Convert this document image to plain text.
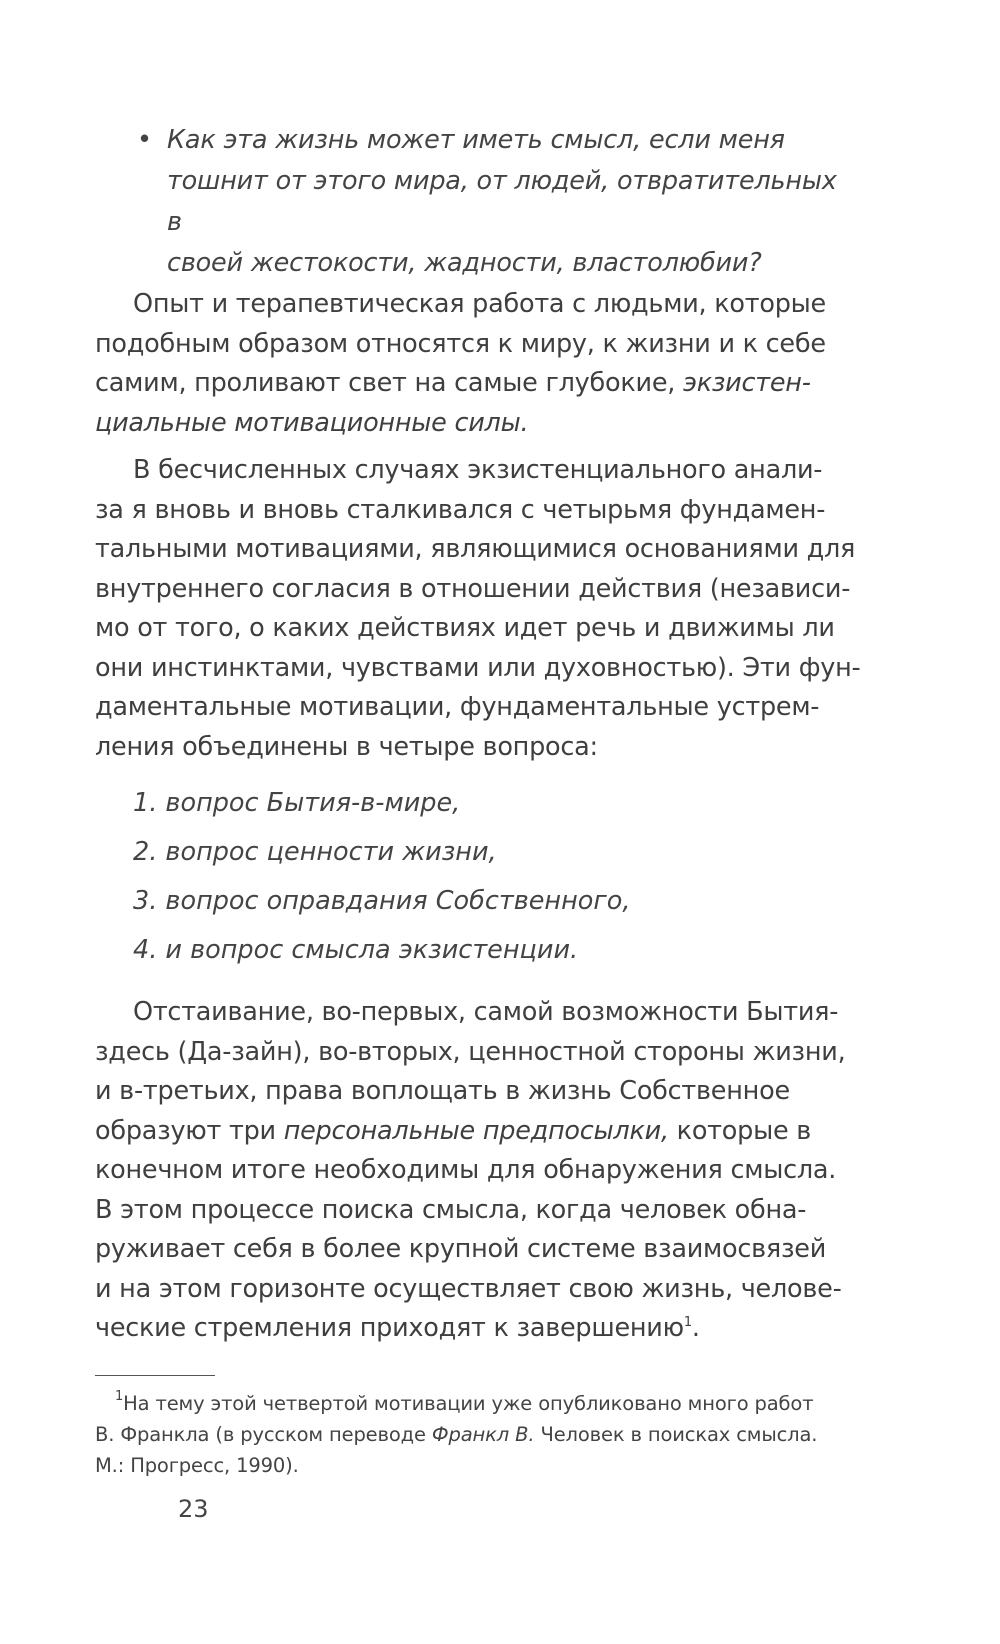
• Как эта жизнь может иметь смысл, если меня
тошнит от этого мира, от людей, отвратительных в
своей жестокости, жадности, властолюбии?
Опыт и терапевтическая работа с людьми, которые
подобным образом относятся к миру, к жизни и к себе
самим, проливают свет на самые глубокие, экзистен-
циальные мотивационные силы.
В бесчисленных случаях экзистенциального анали-
за я вновь и вновь сталкивался с четырьмя фундамен-
тальными мотивациями, являющимися основаниями для
внутреннего согласия в отношении действия (независи-
мо от того, о каких действиях идет речь и движимы ли
они инстинктами, чувствами или духовностью). Эти фун-
даментальные мотивации, фундаментальные устрем-
ления объединены в четыре вопроса:
1. вопрос Бытия-в-мире,
2. вопрос ценности жизни,
3. вопрос оправдания Собственного,
4. и вопрос смысла экзистенции.
Отстаивание, во-первых, самой возможности Бытия-
здесь (Да-зайн), во-вторых, ценностной стороны жизни,
и в-третьих, права воплощать в жизнь Собственное
образуют три персональные предпосылки, которые в
конечном итоге необходимы для обнаружения смысла.
В этом процессе поиска смысла, когда человек обна-
руживает себя в более крупной системе взаимосвязей
и на этом горизонте осуществляет свою жизнь, челове-
ческие стремления приходят к завершению$^1$.
$^1$На тему этой четвертой мотивации уже опубликовано много работ
В. Франкла (в русском переводе Франкл В. Человек в поисках смысла.
М.: Прогресс, 1990).
23
